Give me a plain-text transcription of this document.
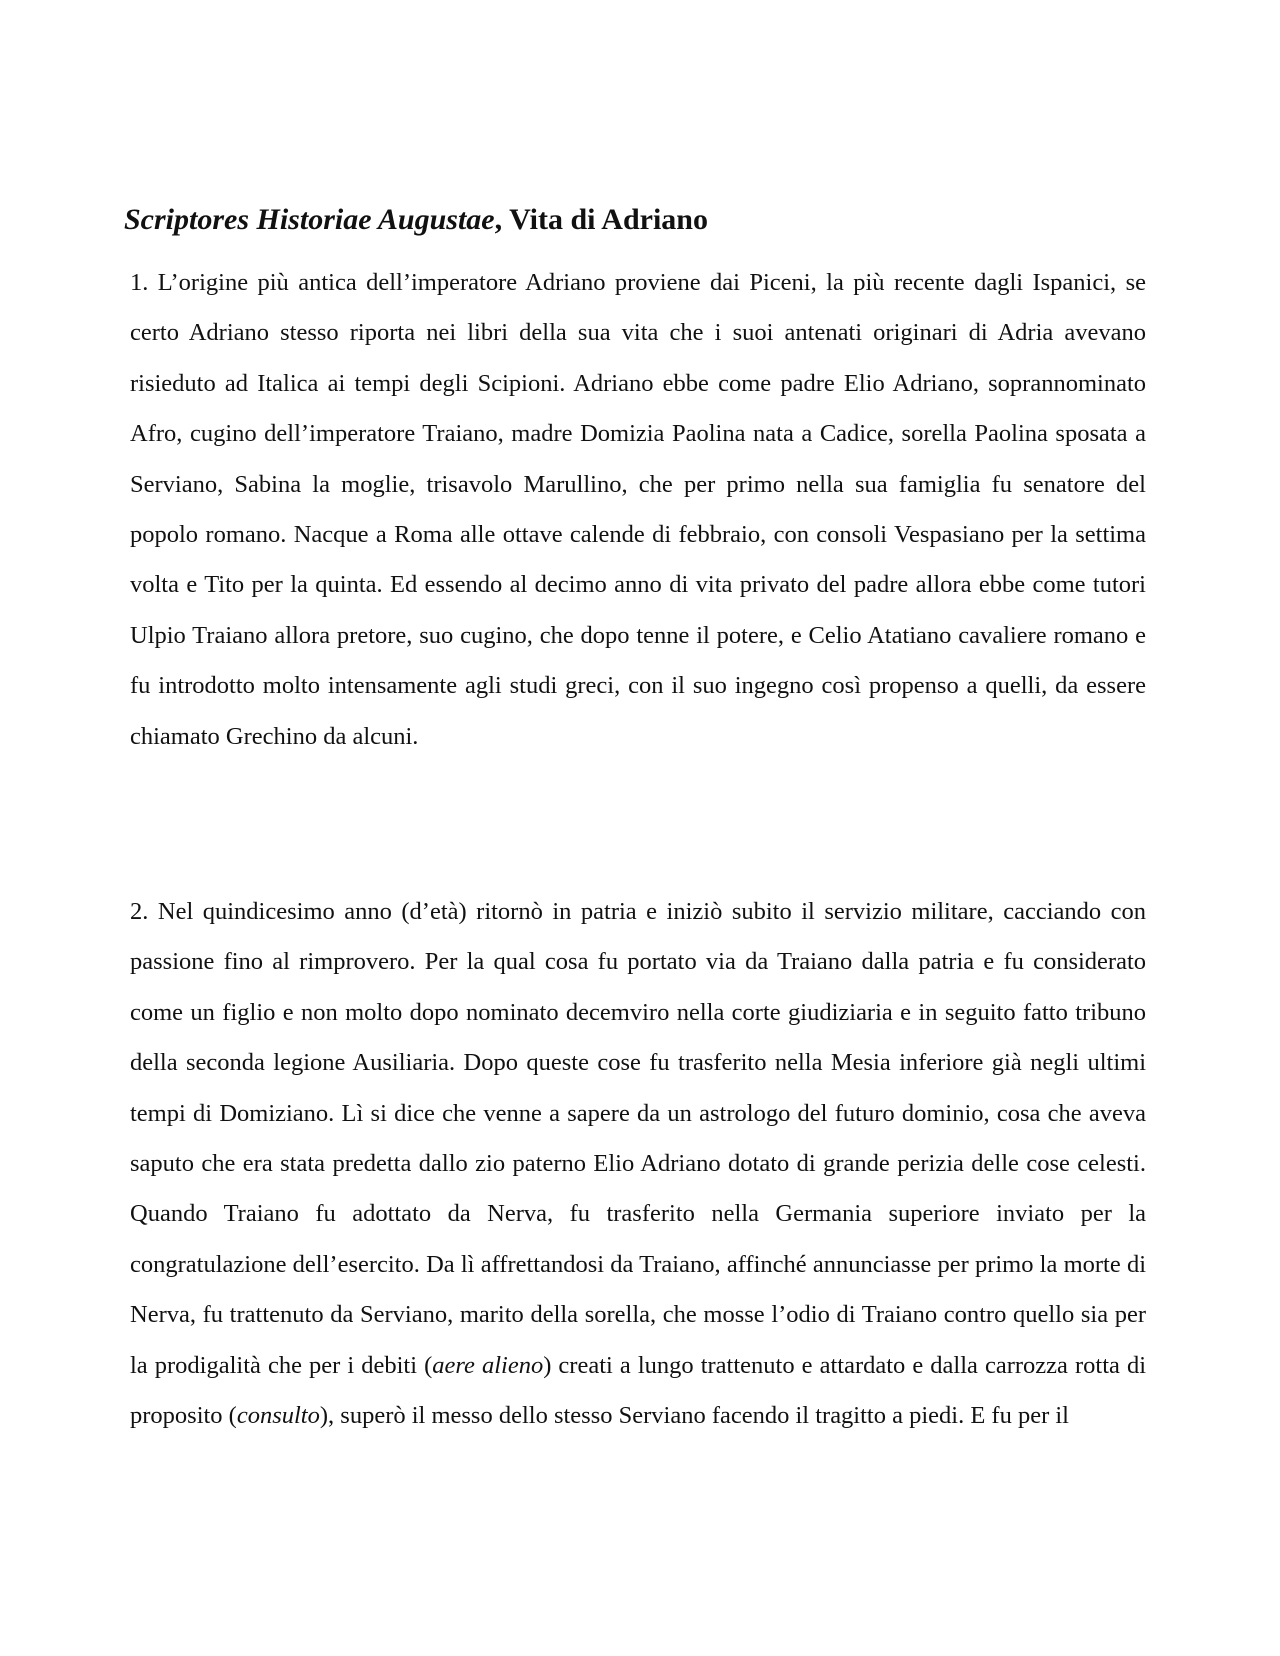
Scriptores Historiae Augustae, Vita di Adriano

1. L’origine più antica dell’imperatore Adriano proviene dai Piceni, la più recente dagli Ispanici, se certo Adriano stesso riporta nei libri della sua vita che i suoi antenati originari di Adria avevano risieduto ad Italica ai tempi degli Scipioni. Adriano ebbe come padre Elio Adriano, soprannominato Afro, cugino dell’imperatore Traiano, madre Domizia Paolina nata a Cadice, sorella Paolina sposata a Serviano, Sabina la moglie, trisavolo Marullino, che per primo nella sua famiglia fu senatore del popolo romano. Nacque a Roma alle ottave calende di febbraio, con consoli Vespasiano per la settima volta e Tito per la quinta. Ed essendo al decimo anno di vita privato del padre allora ebbe come tutori Ulpio Traiano allora pretore, suo cugino, che dopo tenne il potere, e Celio Atatiano cavaliere romano e fu introdotto molto intensamente agli studi greci, con il suo ingegno così propenso a quelli, da essere chiamato Grechino da alcuni.

2. Nel quindicesimo anno (d’età) ritornò in patria e iniziò subito il servizio militare, cacciando con passione fino al rimprovero. Per la qual cosa fu portato via da Traiano dalla patria e fu considerato come un figlio e non molto dopo nominato decemviro nella corte giudiziaria e in seguito fatto tribuno della seconda legione Ausiliaria. Dopo queste cose fu trasferito nella Mesia inferiore già negli ultimi tempi di Domiziano. Lì si dice che venne a sapere da un astrologo del futuro dominio, cosa che aveva saputo che era stata predetta dallo zio paterno Elio Adriano dotato di grande perizia delle cose celesti. Quando Traiano fu adottato da Nerva, fu trasferito nella Germania superiore inviato per la congratulazione dell’esercito. Da lì affrettandosi da Traiano, affinché annunciasse per primo la morte di Nerva, fu trattenuto da Serviano, marito della sorella, che mosse l’odio di Traiano contro quello sia per la prodigalità che per i debiti (aere alieno) creati a lungo trattenuto e attardato e dalla carrozza rotta di proposito (consulto), superò il messo dello stesso Serviano facendo il tragitto a piedi. E fu per il
